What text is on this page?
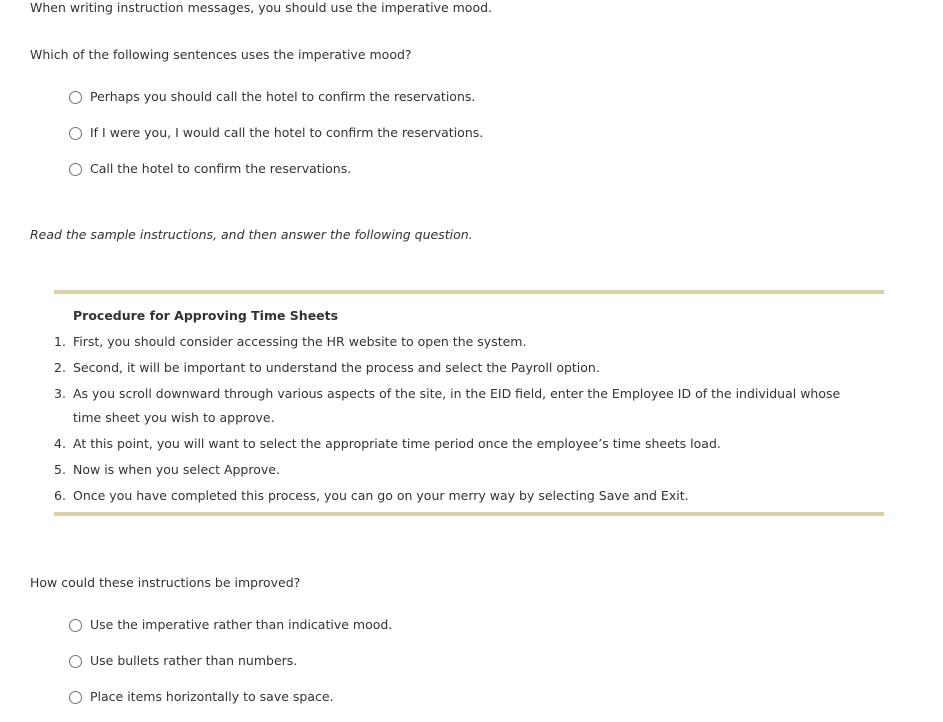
When writing instruction messages, you should use the imperative mood.
Which of the following sentences uses the imperative mood?
Perhaps you should call the hotel to confirm the reservations.
If I were you, I would call the hotel to confirm the reservations.
Call the hotel to confirm the reservations.
Read the sample instructions, and then answer the following question.
Procedure for Approving Time Sheets
1. First, you should consider accessing the HR website to open the system.
2. Second, it will be important to understand the process and select the Payroll option.
3. As you scroll downward through various aspects of the site, in the EID field, enter the Employee ID of the individual whose time sheet you wish to approve.
4. At this point, you will want to select the appropriate time period once the employee’s time sheets load.
5. Now is when you select Approve.
6. Once you have completed this process, you can go on your merry way by selecting Save and Exit.
How could these instructions be improved?
Use the imperative rather than indicative mood.
Use bullets rather than numbers.
Place items horizontally to save space.
